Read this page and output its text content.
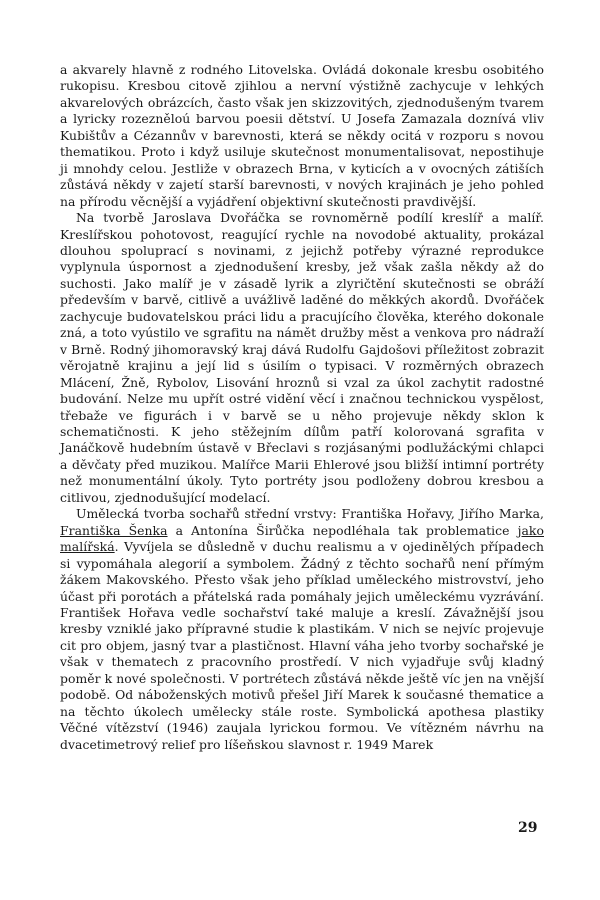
a akvarely hlavně z rodného Litovelska. Ovládá dokonale kresbu osobitého rukopisu. Kresbou citově zjihlou a nervní výstižně zachycuje v lehkých akvarelových obrázcích, často však jen skizzovitých, zjednodušeným tvarem a lyricky rozezněloú barvou poesii dětství. U Josefa Zamazala doznívá vliv Kubištův a Cézannův v barevnosti, která se někdy ocitá v rozporu s novou thematikou. Proto i když usiluje skutečnost monumentalisovat, nepostihuje ji mnohdy celou. Jestliže v obrazech Brna, v kyticích a v ovocných zátiších zůstává někdy v zajetí starší barevnosti, v nových krajinách je jeho pohled na přírodu věcnější a vyjádření objektivní skutečnosti pravdivější.

Na tvorbě Jaroslava Dvořáčka se rovnoměrně podílí kreslíř a malíř. Kreslířskou pohotovost, reagující rychle na novodobé aktuality, prokázal dlouhou spoluprací s novinami, z jejichž potřeby výrazné reprodukce vyplynula úspornost a zjednodušení kresby, jež však zašla někdy až do suchosti. Jako malíř je v zásadě lyrik a zlyričtění skutečnosti se obráží především v barvě, citlivě a uvážlivě laděné do měkkých akordů. Dvořáček zachycuje budovatelskou práci lidu a pracujícího člověka, kterého dokonale zná, a toto vyústilo ve sgrafitu na námět družby měst a venkova pro nádraží v Brně. Rodný jihomoravský kraj dává Rudolfu Gajdošovi příležitost zobrazit věrojatně krajinu a její lid s úsilím o typisaci. V rozměrných obrazech Mlácení, Žně, Rybolov, Lisování hroznů si vzal za úkol zachytit radostné budování. Nelze mu upřít ostré vidění věcí i značnou technickou vyspělost, třebaže ve figurách i v barvě se u něho projevuje někdy sklon k schematičnosti. K jeho stěžejním dílům patří kolorovaná sgrafita v Janáčkově hudebním ústavě v Břeclavi s rozjásanými podlužáckými chlapci a děvčaty před muzikou. Malířce Marii Ehlerové jsou bližší intimní portréty než monumentální úkoly. Tyto portréty jsou podloženy dobrou kresbou a citlivou, zjednodušující modelací.

Umělecká tvorba sochařů střední vrstvy: Františka Hořavy, Jiřího Marka, Františka Šenka a Antonína Širůčka nepodléhala tak problematice jako malířská. Vyvíjela se důsledně v duchu realismu a v ojedinělých případech si vypomáhala alegorií a symbolem. Žádný z těchto sochařů není přímým žákem Makovského. Přesto však jeho příklad uměleckého mistrovství, jeho účast při porotách a přátelská rada pomáhaly jejich uměleckému vyzrávání. František Hořava vedle sochařství také maluje a kreslí. Závažnější jsou kresby vzniklé jako přípravné studie k plastikám. V nich se nejvíc projevuje cit pro objem, jasný tvar a plastičnost. Hlavní váha jeho tvorby sochařské je však v thematech z pracovního prostředí. V nich vyjadřuje svůj kladný poměr k nové společnosti. V portrétech zůstává někde ještě víc jen na vnější podobě. Od náboženských motivů přešel Jiří Marek k současné thematice a na těchto úkolech umělecky stále roste. Symbolická apothesa plastiky Věčné vítězství (1946) zaujala lyrickou formou. Ve vítězném návrhu na dvacetimetrový relief pro líšeňskou slavnost r. 1949 Marek

29
